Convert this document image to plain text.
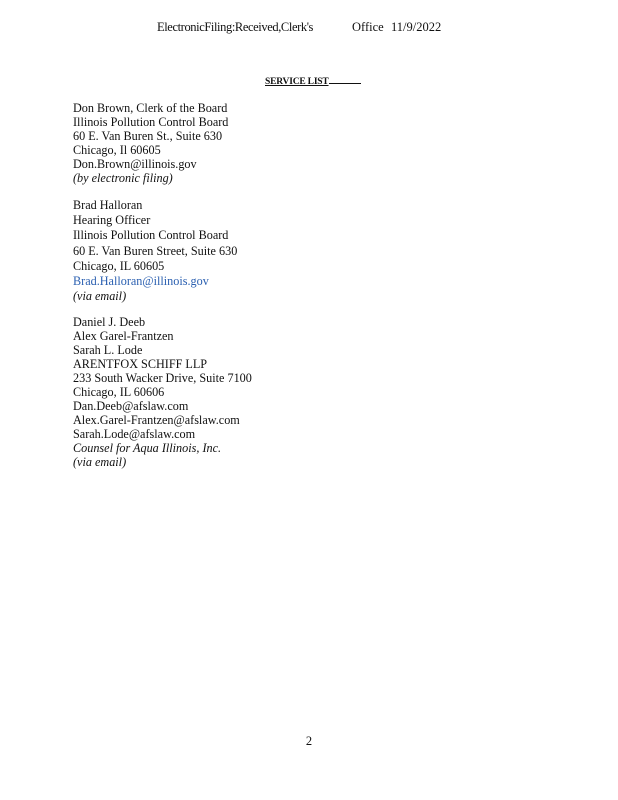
ElectronicFiling:Received,Clerk's	Office 11/9/2022
SERVICE LIST
Don Brown, Clerk of the Board
Illinois Pollution Control Board
60 E. Van Buren St., Suite 630
Chicago, Il 60605
Don.Brown@illinois.gov
(by electronic filing)
Brad Halloran
Hearing Officer
Illinois Pollution Control Board
60 E. Van Buren Street, Suite 630
Chicago, IL 60605
Brad.Halloran@illinois.gov
(via email)
Daniel J. Deeb
Alex Garel-Frantzen
Sarah L. Lode
ARENTFOX SCHIFF LLP
233 South Wacker Drive, Suite 7100
Chicago, IL 60606
Dan.Deeb@afslaw.com
Alex.Garel-Frantzen@afslaw.com
Sarah.Lode@afslaw.com
Counsel for Aqua Illinois, Inc.
(via email)
2
